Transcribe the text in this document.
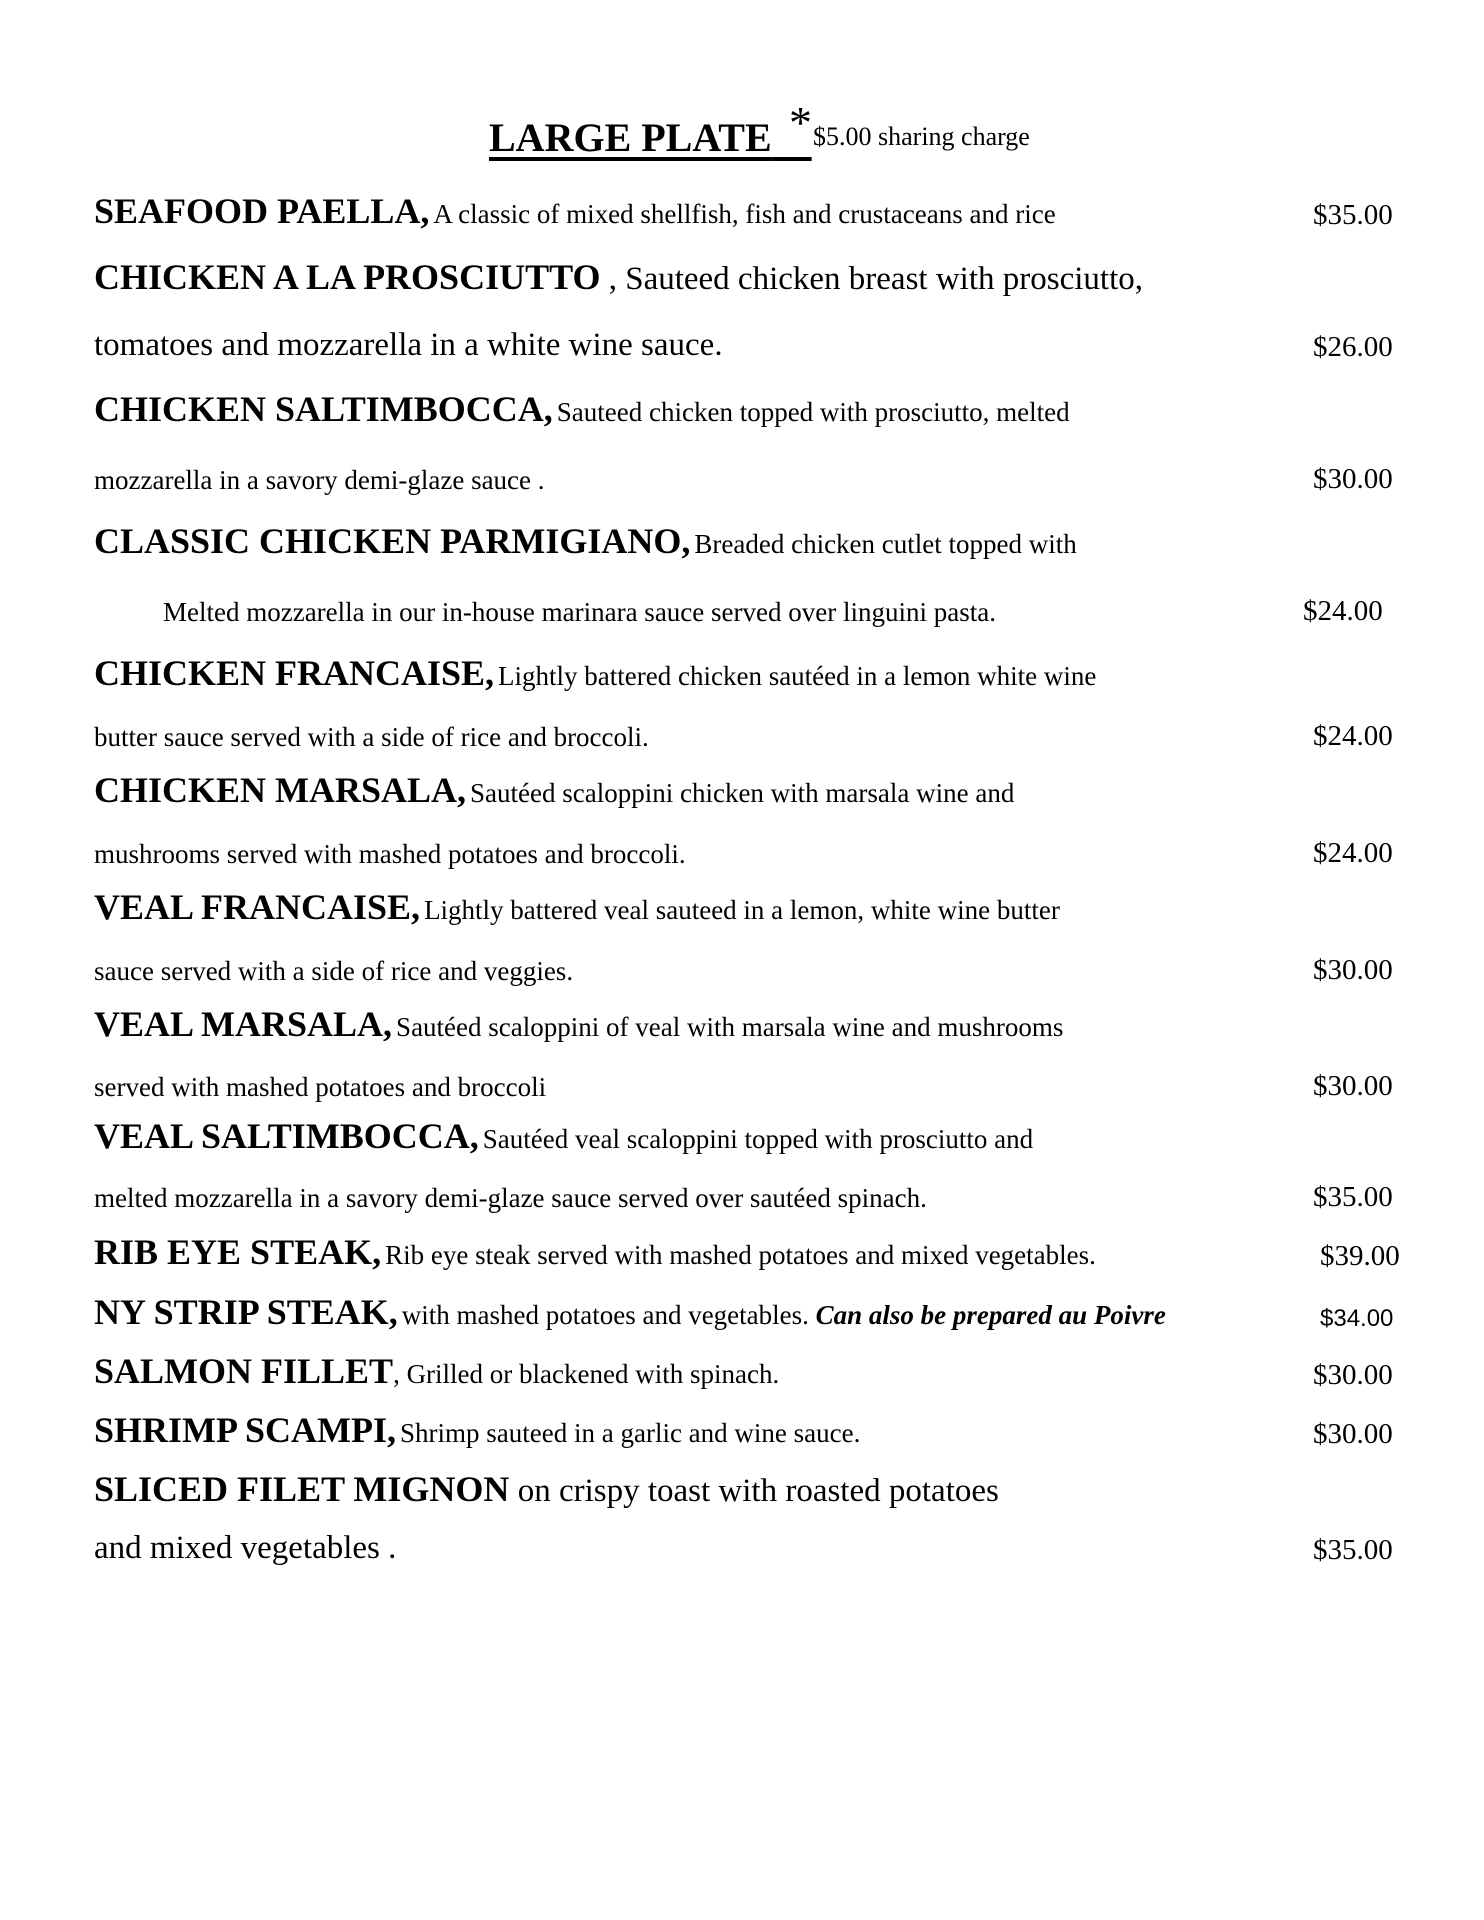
LARGE PLATE * $5.00 sharing charge
SEAFOOD PAELLA, A classic of mixed shellfish, fish and crustaceans and rice	$35.00
CHICKEN A LA PROSCIUTTO , Sauteed chicken breast with prosciutto,
tomatoes and mozzarella in a white wine sauce.	$26.00
CHICKEN SALTIMBOCCA, Sauteed chicken topped with prosciutto, melted
mozzarella in a savory demi-glaze sauce .	$30.00
CLASSIC CHICKEN PARMIGIANO, Breaded chicken cutlet topped with
Melted mozzarella in our in-house marinara sauce served over linguini pasta.	$24.00
CHICKEN FRANCAISE, Lightly battered chicken sautéed in a lemon white wine
butter sauce served with a side of rice and broccoli.	$24.00
CHICKEN MARSALA, Sautéed scaloppini chicken with marsala wine and
mushrooms served with mashed potatoes and broccoli.	$24.00
VEAL FRANCAISE, Lightly battered veal sauteed in a lemon, white wine butter
sauce served with a side of rice and veggies.	$30.00
VEAL MARSALA, Sautéed scaloppini of veal with marsala wine and mushrooms
served with mashed potatoes and broccoli	$30.00
VEAL SALTIMBOCCA, Sautéed veal scaloppini topped with prosciutto and
melted mozzarella in a savory demi-glaze sauce served over sautéed spinach.	$35.00
RIB EYE STEAK, Rib eye steak served with mashed potatoes and mixed vegetables.	$39.00
NY STRIP STEAK, with mashed potatoes and vegetables. Can also be prepared au Poivre	$34.00
SALMON FILLET, Grilled or blackened with spinach.	$30.00
SHRIMP SCAMPI, Shrimp sauteed in a garlic and wine sauce.	$30.00
SLICED FILET MIGNON on crispy toast with roasted potatoes
and mixed vegetables .	$35.00
